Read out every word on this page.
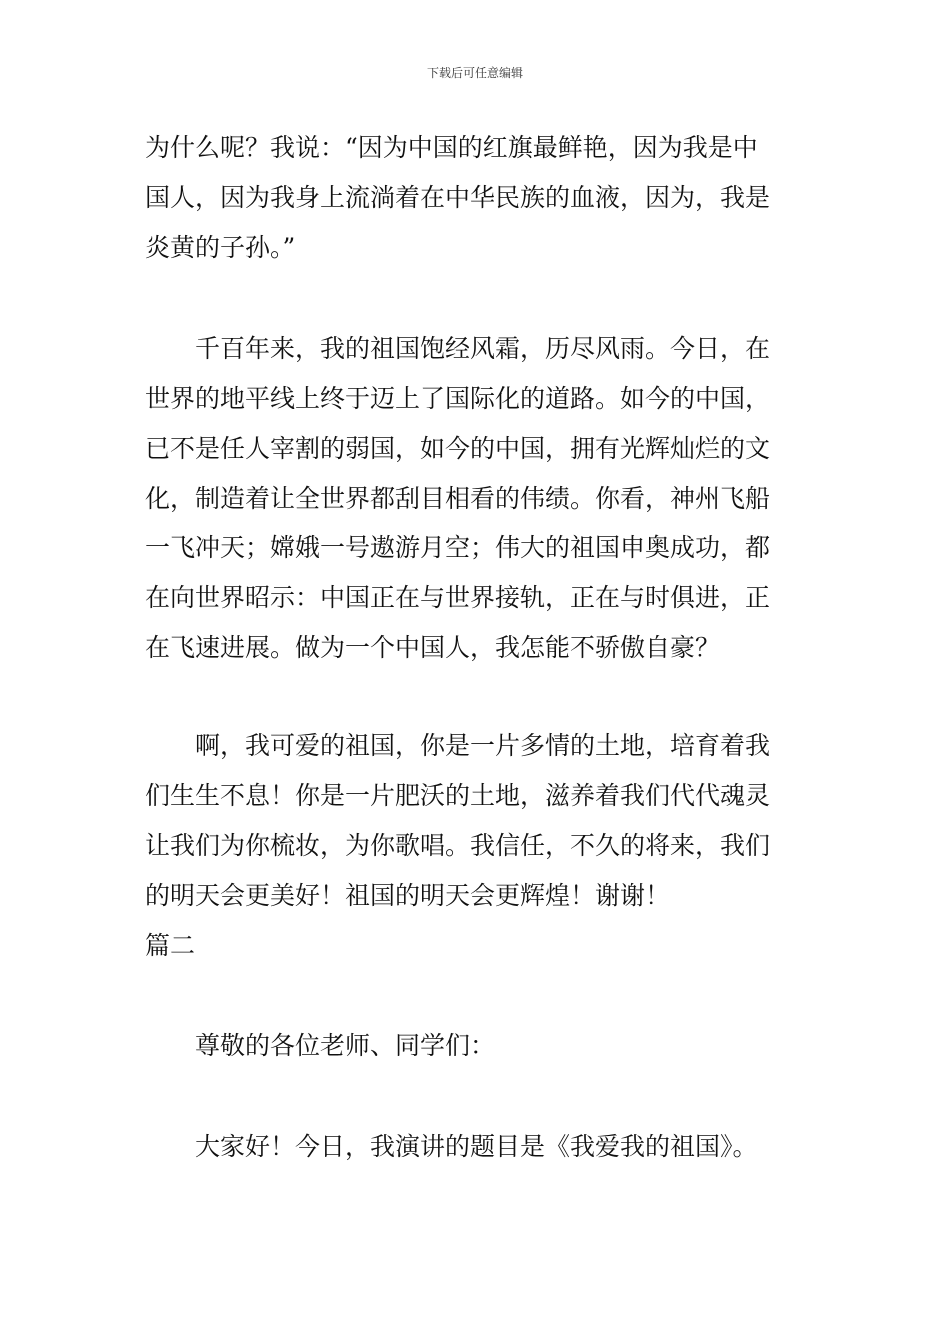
下载后可任意编辑
为什么呢？我说：“因为中国的红旗最鲜艳，因为我是中
国人，因为我身上流淌着在中华民族的血液，因为，我是
炎黄的子孙。”
千百年来，我的祖国饱经风霜，历尽风雨。今日，在
世界的地平线上终于迈上了国际化的道路。如今的中国，
已不是任人宰割的弱国，如今的中国，拥有光辉灿烂的文
化，制造着让全世界都刮目相看的伟绩。你看，神州飞船
一飞冲天；嫦娥一号遨游月空；伟大的祖国申奥成功，都
在向世界昭示：中国正在与世界接轨，正在与时俱进，正
在飞速进展。做为一个中国人，我怎能不骄傲自豪？
啊，我可爱的祖国，你是一片多情的土地，培育着我
们生生不息！你是一片肥沃的土地，滋养着我们代代魂灵
让我们为你梳妆，为你歌唱。我信任，不久的将来，我们
的明天会更美好！祖国的明天会更辉煌！谢谢！
篇二
尊敬的各位老师、同学们：
大家好！今日，我演讲的题目是《我爱我的祖国》。
